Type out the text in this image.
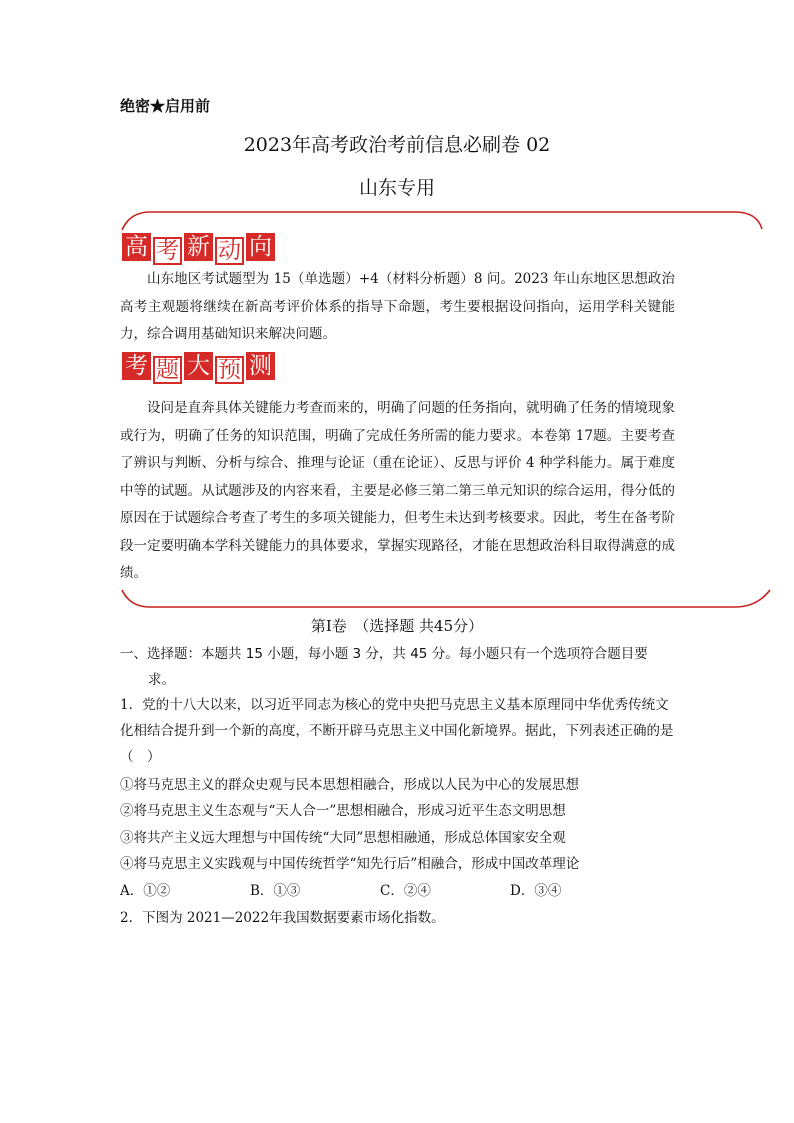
绝密★启用前
2023年高考政治考前信息必刷卷 02
山东专用
高 考 新 动 向
山东地区考试题型为 15（单选题）+4（材料分析题）8 问。2023 年山东地区思想政治高考主观题将继续在新高考评价体系的指导下命题，考生要根据设问指向，运用学科关键能力，综合调用基础知识来解决问题。
考 题 大 预 测
设问是直奔具体关键能力考查而来的，明确了问题的任务指向，就明确了任务的情境现象或行为，明确了任务的知识范围，明确了完成任务所需的能力要求。本卷第 17题。主要考查了辨识与判断、分析与综合、推理与论证（重在论证）、反思与评价 4 种学科能力。属于难度中等的试题。从试题涉及的内容来看，主要是必修三第二第三单元知识的综合运用，得分低的原因在于试题综合考查了考生的多项关键能力，但考生未达到考核要求。因此，考生在备考阶段一定要明确本学科关键能力的具体要求，掌握实现路径，才能在思想政治科目取得满意的成绩。
第Ⅰ卷　（选择题 共45分）
一、选择题：本题共 15 小题，每小题 3 分，共 45 分。每小题只有一个选项符合题目要
求。
1．党的十八大以来，以习近平同志为核心的党中央把马克思主义基本原理同中华优秀传统文化相结合提升到一个新的高度，不断开辟马克思主义中国化新境界。据此，下列表述正确的是（　）
①将马克思主义的群众史观与民本思想相融合，形成以人民为中心的发展思想
②将马克思主义生态观与“天人合一”思想相融合，形成习近平生态文明思想
③将共产主义远大理想与中国传统“大同”思想相融通，形成总体国家安全观
④将马克思主义实践观与中国传统哲学“知先行后”相融合，形成中国改革理论
A．①②	B．①③	C．②④	D．③④
2．下图为 2021—2022年我国数据要素市场化指数。
